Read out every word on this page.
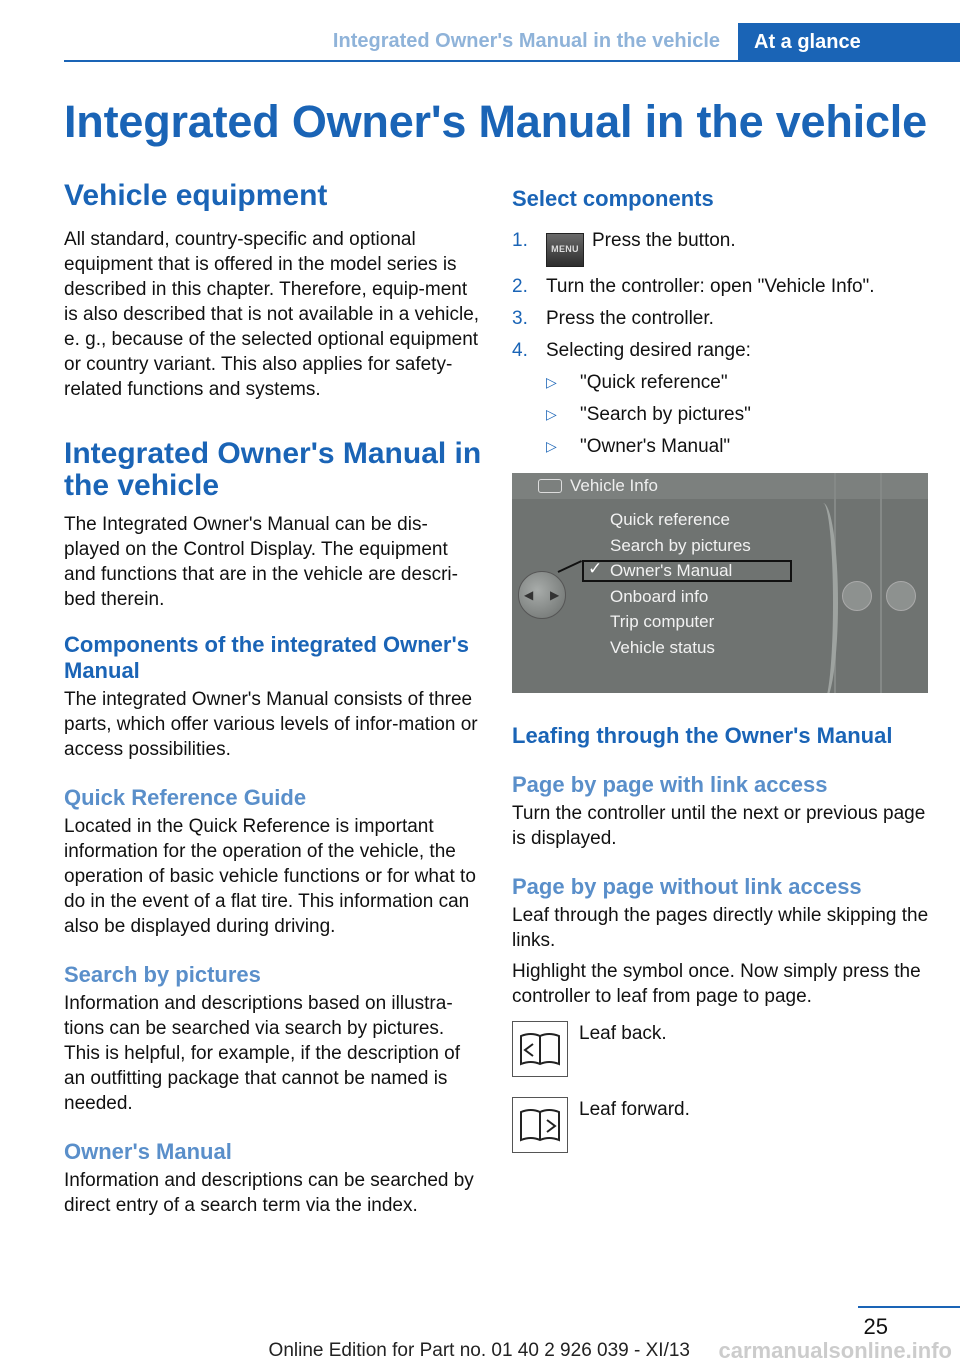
Integrated Owner's Manual in the vehicle	At a glance
Integrated Owner's Manual in the vehicle
Vehicle equipment

All standard, country-specific and optional equipment that is offered in the model series is described in this chapter. Therefore, equip‐ment is also described that is not available in a vehicle, e. g., because of the selected optional equipment or country variant. This also applies for safety-related functions and systems.

Integrated Owner's Manual in the vehicle

The Integrated Owner's Manual can be dis‐played on the Control Display. The equipment and functions that are in the vehicle are descri‐bed therein.

Components of the integrated Owner's Manual

The integrated Owner's Manual consists of three parts, which offer various levels of infor‐mation or access possibilities.

Quick Reference Guide

Located in the Quick Reference is important information for the operation of the vehicle, the operation of basic vehicle functions or for what to do in the event of a flat tire. This information can also be displayed during driving.

Search by pictures

Information and descriptions based on illustra‐tions can be searched via search by pictures. This is helpful, for example, if the description of an outfitting package that cannot be named is needed.

Owner's Manual

Information and descriptions can be searched by direct entry of a search term via the index.

Select components
1.	MENU Press the button.
2. Turn the controller: open "Vehicle Info".
3. Press the controller.
4. Selecting desired range:
▷ "Quick reference"
▷ "Search by pictures"
▷ "Owner's Manual"
Vehicle Info
◀ ▶
✓
Quick reference
Search by pictures
Owner's Manual
Onboard info
Trip computer
Vehicle status
Leafing through the Owner's Manual
Page by page with link access

Turn the controller until the next or previous page is displayed.

Page by page without link access

Leaf through the pages directly while skipping the links.

Highlight the symbol once. Now simply press the controller to leaf from page to page.

Leaf back.
Leaf forward.
25
Online Edition for Part no. 01 40 2 926 039 - XI/13 carmanualsonline.info
